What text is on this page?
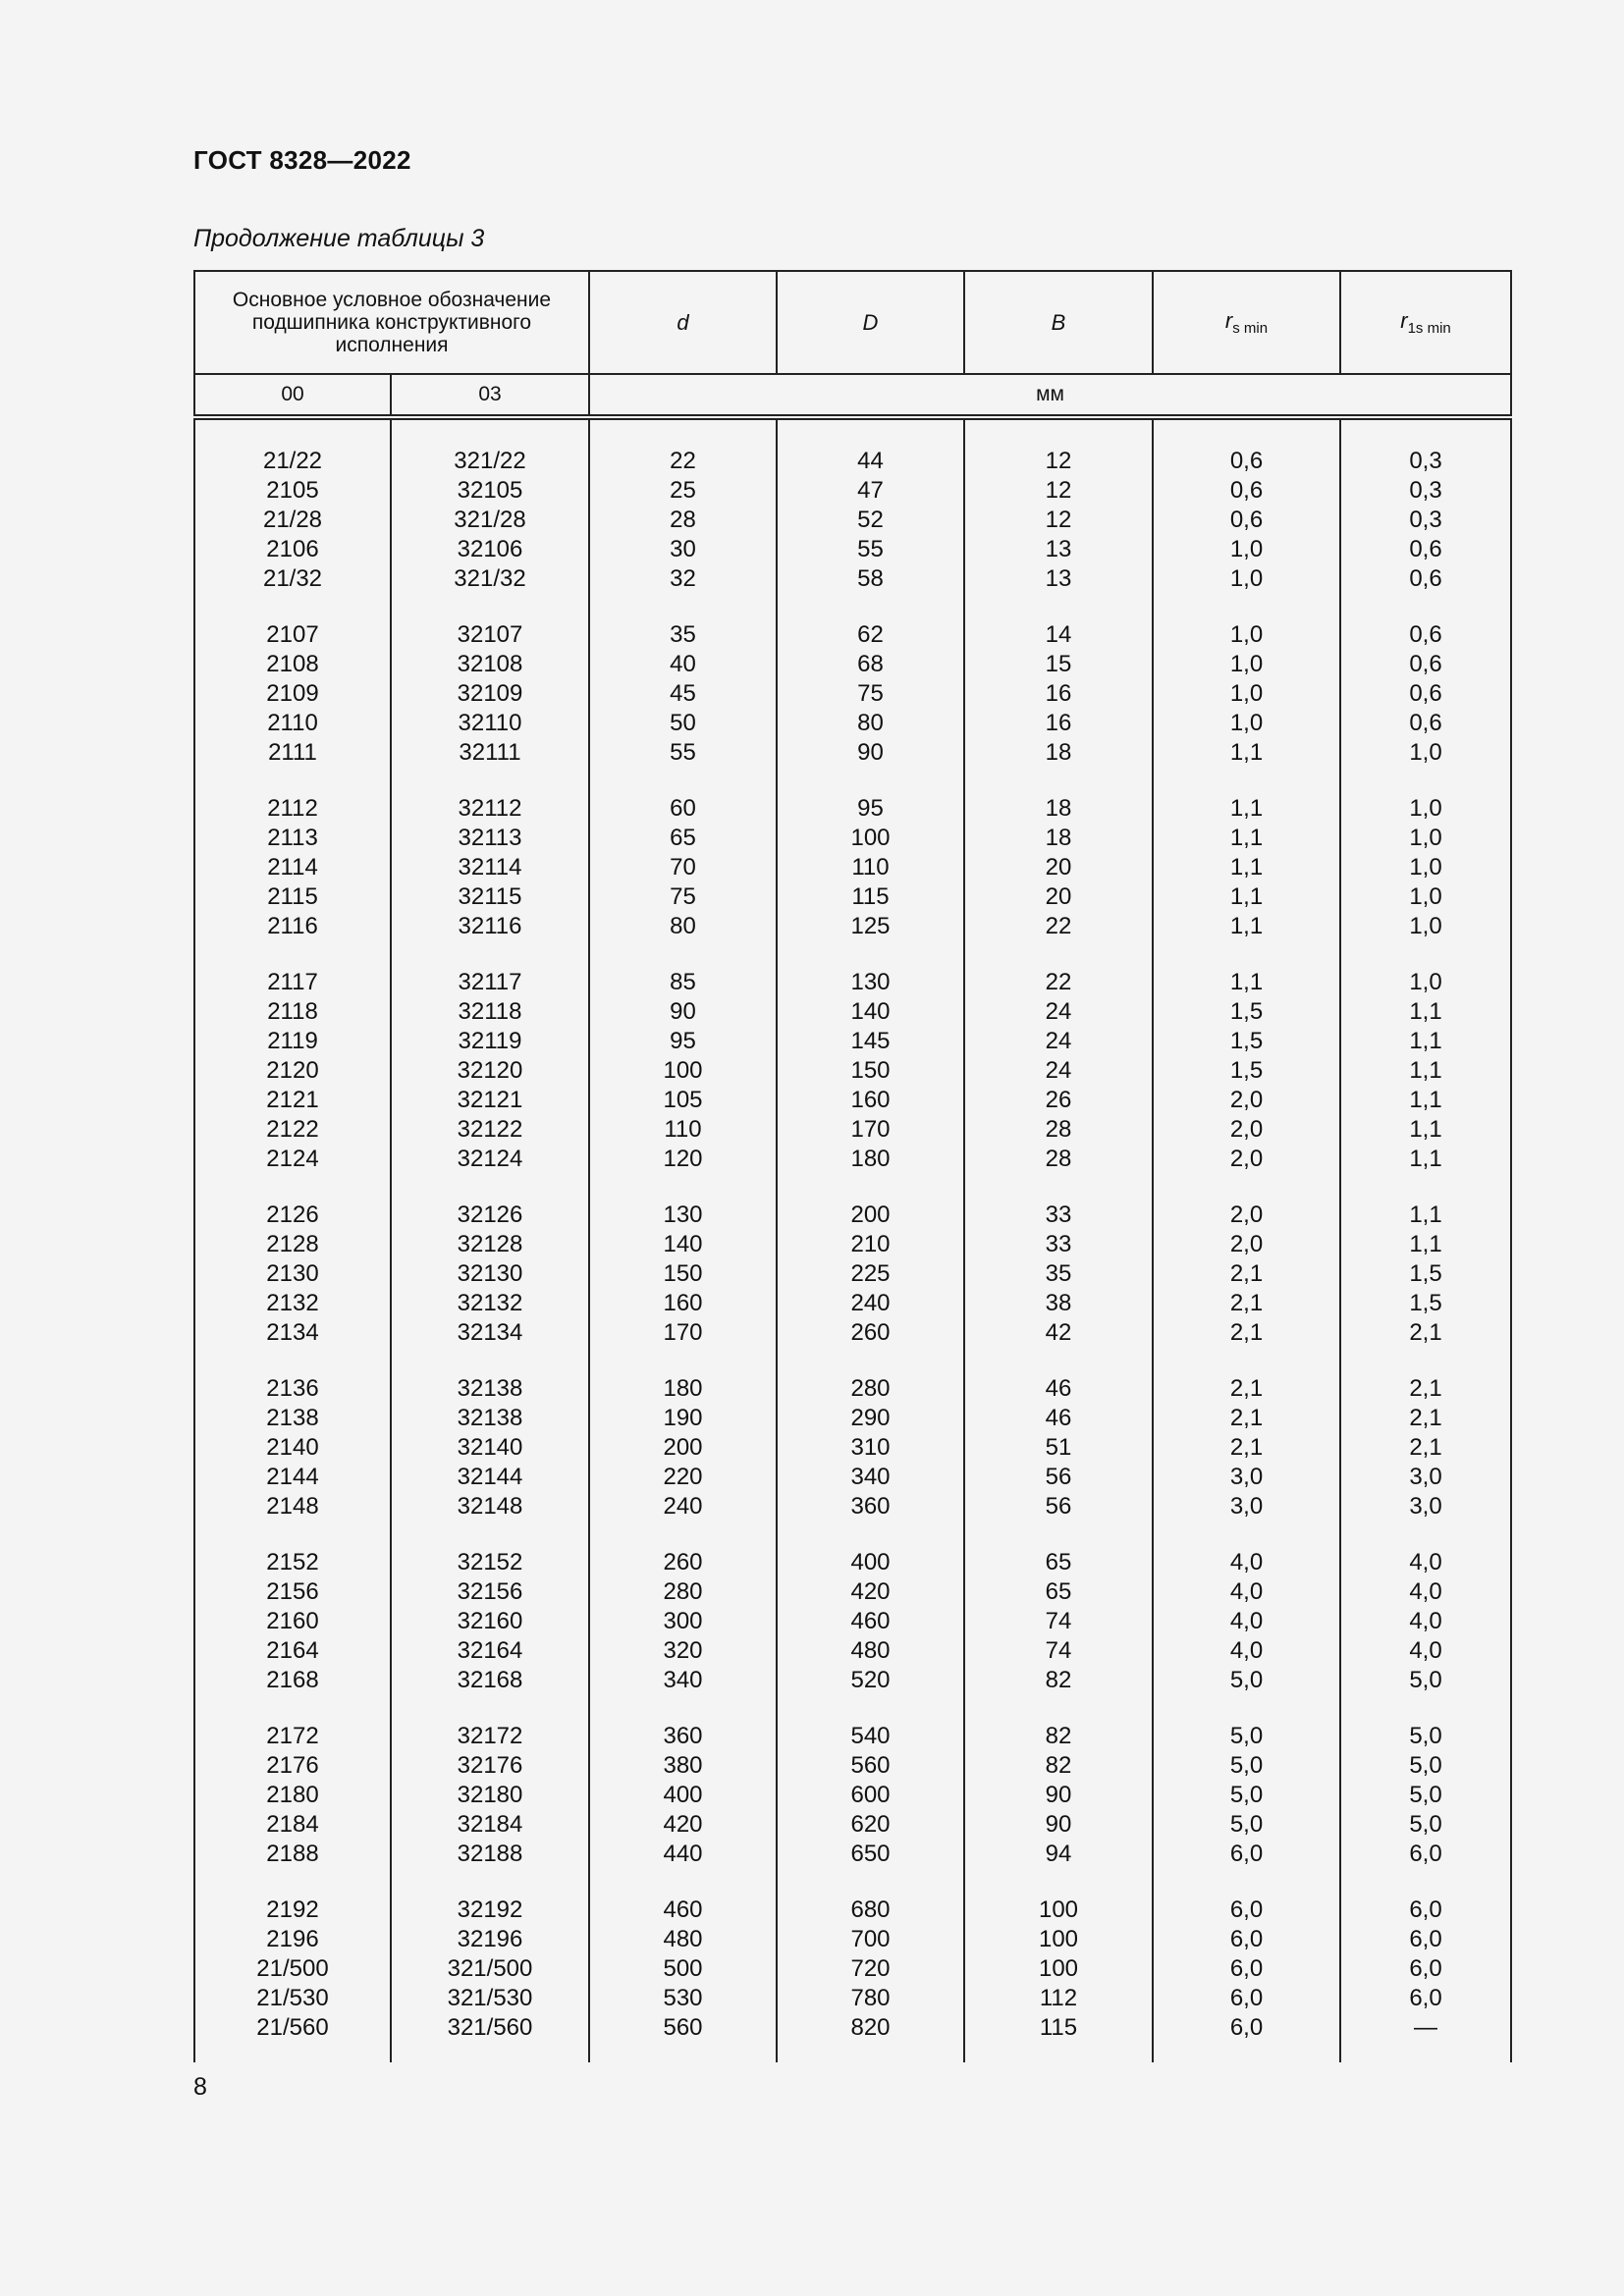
ГОСТ 8328—2022
Продолжение таблицы 3
Основное условное обозначение подшипника конструктивного исполнения		d	D	B	$r_{s min}$	$r_{1s min}$
00	03	мм				
21/22	321/22	22	44	12	0,6	0,3
2105	32105	25	47	12	0,6	0,3
21/28	321/28	28	52	12	0,6	0,3
2106	32106	30	55	13	1,0	0,6
21/32	321/32	32	58	13	1,0	0,6

2107	32107	35	62	14	1,0	0,6
2108	32108	40	68	15	1,0	0,6
2109	32109	45	75	16	1,0	0,6
2110	32110	50	80	16	1,0	0,6
2111	32111	55	90	18	1,1	1,0

2112	32112	60	95	18	1,1	1,0
2113	32113	65	100	18	1,1	1,0
2114	32114	70	110	20	1,1	1,0
2115	32115	75	115	20	1,1	1,0
2116	32116	80	125	22	1,1	1,0

2117	32117	85	130	22	1,1	1,0
2118	32118	90	140	24	1,5	1,1
2119	32119	95	145	24	1,5	1,1
2120	32120	100	150	24	1,5	1,1
2121	32121	105	160	26	2,0	1,1
2122	32122	110	170	28	2,0	1,1
2124	32124	120	180	28	2,0	1,1

2126	32126	130	200	33	2,0	1,1
2128	32128	140	210	33	2,0	1,1
2130	32130	150	225	35	2,1	1,5
2132	32132	160	240	38	2,1	1,5
2134	32134	170	260	42	2,1	2,1

2136	32138	180	280	46	2,1	2,1
2138	32138	190	290	46	2,1	2,1
2140	32140	200	310	51	2,1	2,1
2144	32144	220	340	56	3,0	3,0
2148	32148	240	360	56	3,0	3,0

2152	32152	260	400	65	4,0	4,0
2156	32156	280	420	65	4,0	4,0
2160	32160	300	460	74	4,0	4,0
2164	32164	320	480	74	4,0	4,0
2168	32168	340	520	82	5,0	5,0

2172	32172	360	540	82	5,0	5,0
2176	32176	380	560	82	5,0	5,0
2180	32180	400	600	90	5,0	5,0
2184	32184	420	620	90	5,0	5,0
2188	32188	440	650	94	6,0	6,0

2192	32192	460	680	100	6,0	6,0
2196	32196	480	700	100	6,0	6,0
21/500	321/500	500	720	100	6,0	6,0
21/530	321/530	530	780	112	6,0	6,0
21/560	321/560	560	820	115	6,0	—

8
